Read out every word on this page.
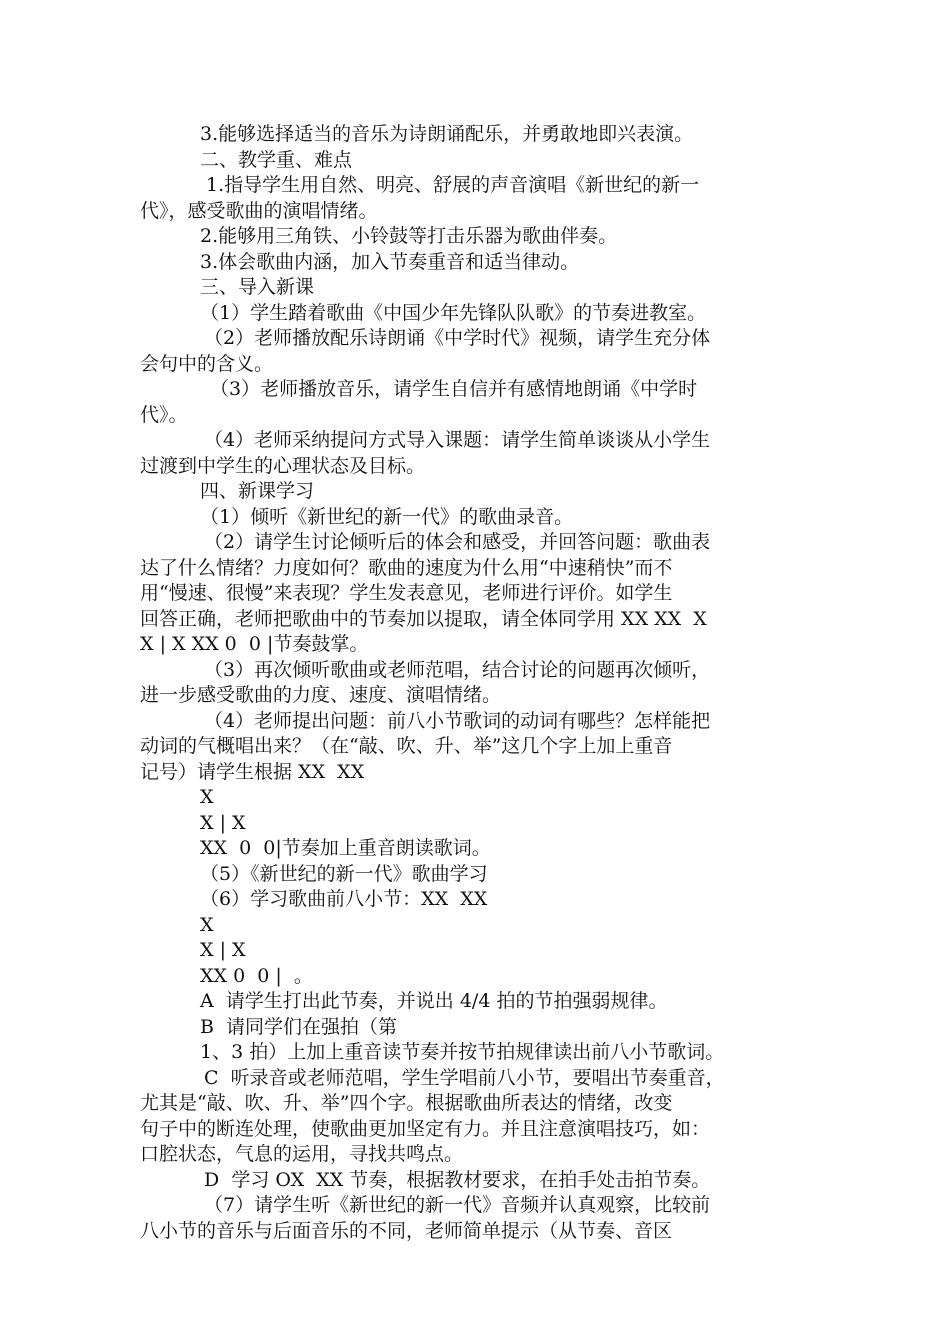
3.能够选择适当的音乐为诗朗诵配乐，并勇敢地即兴表演。
二、教学重、难点
1.指导学生用自然、明亮、舒展的声音演唱《新世纪的新一
代》，感受歌曲的演唱情绪。
2.能够用三角铁、小铃鼓等打击乐器为歌曲伴奏。
3.体会歌曲内涵，加入节奏重音和适当律动。
三、导入新课
（1）学生踏着歌曲《中国少年先锋队队歌》的节奏进教室。
（2）老师播放配乐诗朗诵《中学时代》视频，请学生充分体
会句中的含义。
（3）老师播放音乐，请学生自信并有感情地朗诵《中学时
代》。
（4）老师采纳提问方式导入课题：请学生简单谈谈从小学生
过渡到中学生的心理状态及目标。
四、新课学习
（1）倾听《新世纪的新一代》的歌曲录音。
（2）请学生讨论倾听后的体会和感受，并回答问题：歌曲表
达了什么情绪？力度如何？歌曲的速度为什么用“中速稍快”而不
用“慢速、很慢”来表现？学生发表意见，老师进行评价。如学生
回答正确，老师把歌曲中的节奏加以提取，请全体同学用 XX XX  X
X | X XX 0  0 |节奏鼓掌。
（3）再次倾听歌曲或老师范唱，结合讨论的问题再次倾听，
进一步感受歌曲的力度、速度、演唱情绪。
（4）老师提出问题：前八小节歌词的动词有哪些？怎样能把
动词的气概唱出来？（在“敲、吹、升、举”这几个字上加上重音
记号）请学生根据 XX  XX
X
X | X
XX  0  0|节奏加上重音朗读歌词。
（5）《新世纪的新一代》歌曲学习
（6）学习歌曲前八小节：XX  XX
X
X | X
XX 0  0 |  。
A  请学生打出此节奏，并说出 4/4 拍的节拍强弱规律。
B  请同学们在强拍（第
1、3 拍）上加上重音读节奏并按节拍规律读出前八小节歌词。
C  听录音或老师范唱，学生学唱前八小节，要唱出节奏重音，
尤其是“敲、吹、升、举”四个字。根据歌曲所表达的情绪，改变
句子中的断连处理，使歌曲更加坚定有力。并且注意演唱技巧，如：
口腔状态，气息的运用，寻找共鸣点。
D  学习 OX  XX 节奏，根据教材要求，在拍手处击拍节奏。
（7）请学生听《新世纪的新一代》音频并认真观察，比较前
八小节的音乐与后面音乐的不同，老师简单提示（从节奏、音区
